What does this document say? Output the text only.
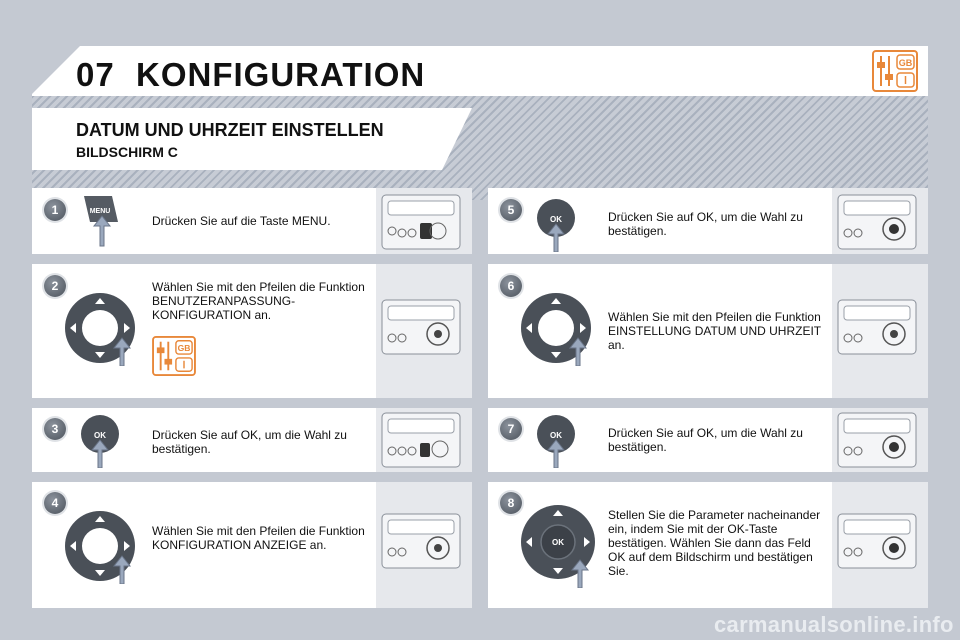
07 KONFIGURATION	GB
DATUM UND UHRZEIT EINSTELLEN
BILDSCHIRM C
1
2
3
4
5
6
7
8
Drücken Sie auf die Taste MENU.
Wählen Sie mit den Pfeilen die Funktion BENUTZERANPASSUNG-KONFIGURATION an.
Drücken Sie auf OK, um die Wahl zu bestätigen.
Wählen Sie mit den Pfeilen die Funktion KONFIGURATION ANZEIGE an.
Drücken Sie auf OK, um die Wahl zu bestätigen.
Wählen Sie mit den Pfeilen die Funktion EINSTELLUNG DATUM UND UHRZEIT an.
Drücken Sie auf OK, um die Wahl zu bestätigen.
Stellen Sie die Parameter nacheinander ein, indem Sie mit der OK-Taste bestätigen. Wählen Sie dann das Feld OK auf dem Bildschirm und bestätigen Sie.
MENU
GB
OK
OK
OK
OK
carmanualsonline.info
